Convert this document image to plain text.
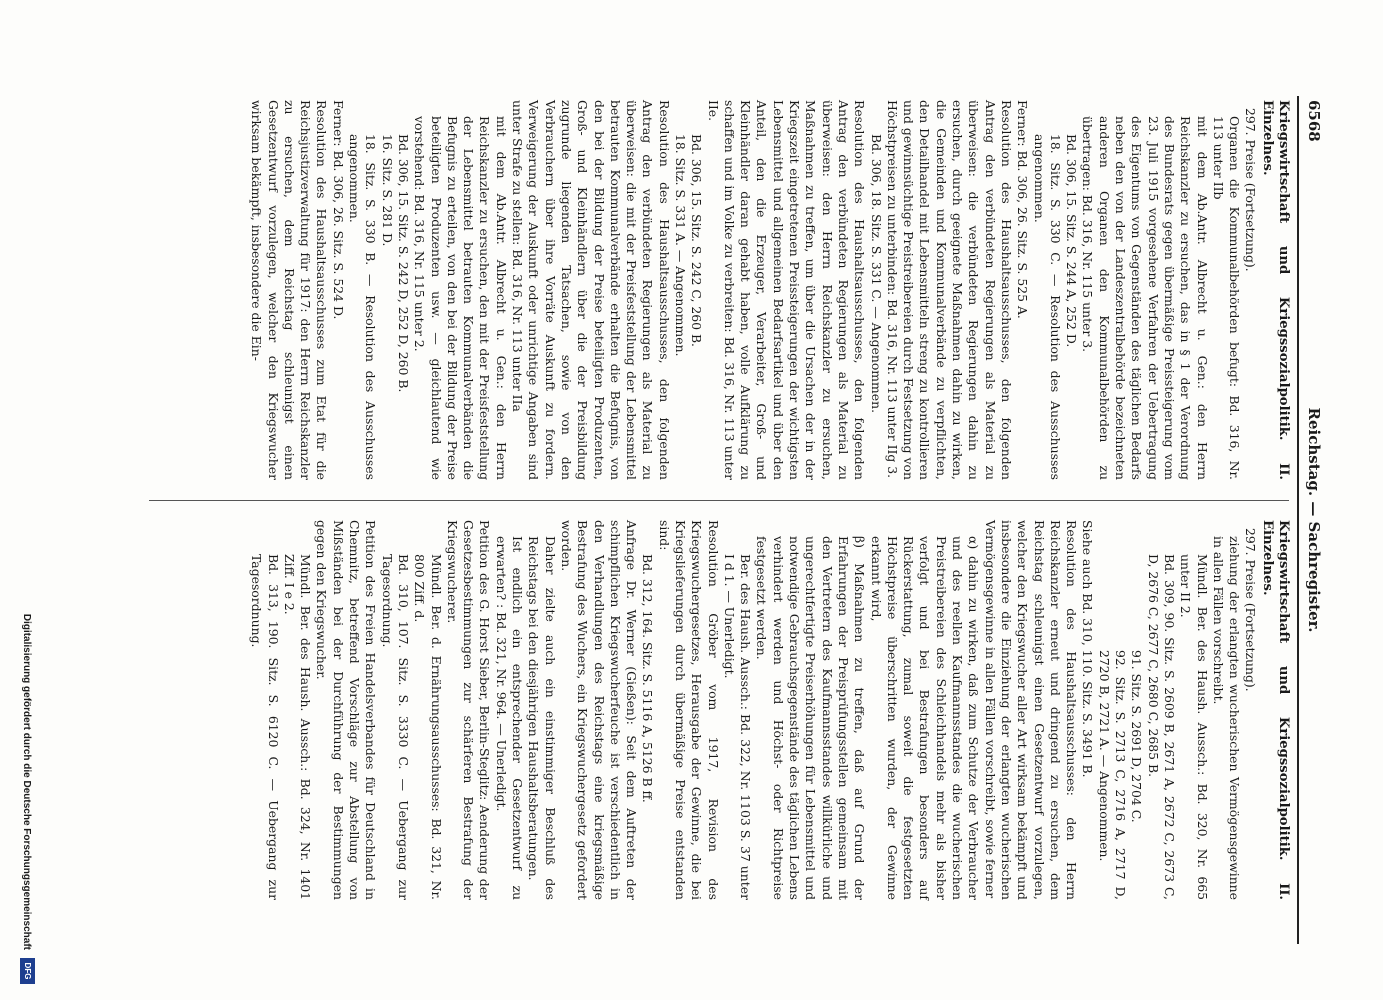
6568
Reichstag. — Sachregister.

Kriegswirtschaft und Kriegssozialpolitik. II. Einzelnes.

297. Preise (Fortsetzung).

Organen die Kommunalbehörden befugt: Bd. 316, Nr. 113 unter IIb

mit dem Ab.Antr. Albrecht u. Gen.: den Herrn Reichskanzler zu ersuchen, das in § 1 der Verordnung des Bundesrats gegen übermäßige Preissteigerung vom 23. Juli 1915 vorgesehene Verfahren der Uebertragung des Eigentums von Gegenständen des täglichen Bedarfs neben den von der Landeszentralbehörde bezeichneten anderen Organen den Kommunalbehörden zu übertragen: Bd. 316, Nr. 115 unter 3.

Bd. 306, 15. Sitz. S. 244 A, 252 D.

18. Sitz. S. 330 C. — Resolution des Ausschusses angenommen.

Ferner: Bd. 306, 26. Sitz. S. 525 A.

Resolution des Haushaltsausschusses, den folgenden Antrag den verbündeten Regierungen als Material zu überweisen: die verbündeten Regierungen dahin zu ersuchen, durch geeignete Maßnahmen dahin zu wirken, die Gemeinden und Kommunalverbände zu verpflichten, den Detailhandel mit Lebensmitteln streng zu kontrollieren und gewinnsüchtige Preistreibereien durch Festsetzung von Höchstpreisen zu unterbinden: Bd. 316, Nr. 113 unter IIg 3.

Bd. 306, 18. Sitz. S. 331 C. — Angenommen.

Resolution des Haushaltsausschusses, den folgenden Antrag den verbündeten Regierungen als Material zu überweisen: den Herrn Reichskanzler zu ersuchen, Maßnahmen zu treffen, um über die Ursachen der in der Kriegszeit eingetretenen Preissteigerungen der wichtigsten Lebensmittel und allgemeinen Bedarfsartikel und über den Anteil, den die Erzeuger, Verarbeiter, Groß- und Kleinhändler daran gehabt haben, volle Aufklärung zu schaffen und im Volke zu verbreiten: Bd. 316, Nr. 113 unter IIe.

Bd. 306, 15. Sitz. S. 242 C, 260 B.

18. Sitz. S. 331 A. — Angenommen.

Resolution des Haushaltsausschusses, den folgenden Antrag den verbündeten Regierungen als Material zu überweisen: die mit der Preisfeststellung der Lebensmittel betrauten Kommunalverbände erhalten die Befugnis, von den bei der Bildung der Preise beteiligten Produzenten, Groß- und Kleinhändlern über die der Preisbildung zugrunde liegenden Tatsachen, sowie von den Verbrauchern über ihre Vorräte Auskunft zu fordern. Verweigerung der Auskunft oder unrichtige Angaben sind unter Strafe zu stellen: Bd. 316, Nr. 113 unter IIa

mit dem Ab.Antr. Albrecht u. Gen.: den Herrn Reichskanzler zu ersuchen, den mit der Preisfeststellung der Lebensmittel betrauten Kommunalverbänden die Befugnis zu erteilen, von den bei der Bildung der Preise beteiligten Produzenten usw. — gleichlautend wie vorstehend: Bd. 316, Nr. 115 unter 2.

Bd. 306, 15. Sitz. S. 242 D, 252 D, 260 B.

16. Sitz. S. 281 D.

18. Sitz. S. 330 B. — Resolution des Ausschusses angenommen.

Ferner: Bd. 306, 26. Sitz. S. 524 D.

Resolution des Haushaltsausschusses zum Etat für die Reichsjustizverwaltung für 1917: den Herrn Reichskanzler zu ersuchen, dem Reichstag schleunigst einen Gesetzentwurf vorzulegen, welcher den Kriegswucher wirksam bekämpft, insbesondere die Ein-

Kriegswirtschaft und Kriegssozialpolitik. II. Einzelnes.

297. Preise (Fortsetzung).

ziehung der erlangten wucherischen Vermögensgewinne in allen Fällen vorschreibt.

Mündl. Ber. des Haush. Aussch.: Bd. 320, Nr. 665 unter II 2.

Bd. 309, 90. Sitz. S. 2609 B, 2671 A, 2672 C, 2673 C, D, 2676 C, 2677 C, 2680 C, 2685 B.

91. Sitz. S. 2691 D, 2704 C.

92. Sitz. S. 2713 C, 2716 A, 2717 D, 2720 B, 2721 A. — Angenommen.

Siehe auch Bd. 310, 110. Sitz. S. 3491 B.

Resolution des Haushaltsausschusses: den Herrn Reichskanzler erneut und dringend zu ersuchen, dem Reichstag schleunigst einen Gesetzentwurf vorzulegen, welcher den Kriegswucher aller Art wirksam bekämpft und insbesondere die Einziehung der erlangten wucherischen Vermögensgewinne in allen Fällen vorschreibt, sowie ferner

α) dahin zu wirken, daß zum Schutze der Verbraucher und des reellen Kaufmannsstandes die wucherischen Preistreibereien des Schleichhandels mehr als bisher verfolgt und bei Bestrafungen besonders auf Rückerstattung, zumal soweit die festgesetzten Höchstpreise überschritten wurden, der Gewinne erkannt wird,

β) Maßnahmen zu treffen, daß auf Grund der Erfahrungen der Preisprüfungsstellen gemeinsam mit den Vertretern des Kaufmannsstandes willkürliche und ungerechtfertigte Preiserhöhungen für Lebensmittel und notwendige Gebrauchsgegenstände des täglichen Lebens verhindert werden und Höchst- oder Richtpreise festgesetzt werden.

Ber. des Haush. Aussch.: Bd. 322, Nr. 1103 S. 37 unter I d 1. — Unerledigt.

Resolution Gröber vom 1917, Revision des Kriegswuchergesetzes, Herausgabe der Gewinne, die bei Kriegslieferungen durch übermäßige Preise entstanden sind:

Bd. 312, 164. Sitz. S. 5116 A, 5126 B ff.

Anfrage Dr. Werner (Gießen): Seit dem Auftreten der schimpflichen Kriegswucherfeuche ist verschiedentlich in den Verhandlungen des Reichstags eine kriegsmäßige Bestrafung des Wuchers, ein Kriegswuchergesetz gefordert worden.

Daher zielte auch ein einstimmiger Beschluß des Reichstags bei den diesjährigen Haushaltsberatungen.

Ist endlich ein entsprechender Gesetzentwurf zu erwarten? : Bd. 321, Nr. 964. — Unerledigt.

Petition des G. Horst Sieber, Berlin-Steglitz: Aenderung der Gesetzesbestimmungen zur schärferen Bestrafung der Kriegswucherer.

Mündl. Ber. d. Ernährungsausschusses: Bd. 321, Nr. 800 Ziff. d.

Bd. 310, 107. Sitz. S. 3330 C. — Uebergang zur Tagesordnung.

Petition des Freien Handelsverbandes für Deutschland in Chemnitz, betreffend Vorschläge zur Abstellung von Mißständen bei der Durchführung der Bestimmungen gegen den Kriegswucher.

Mündl. Ber. des Haush. Aussch.: Bd. 324, Nr. 1401 Ziff. I e 2.

Bd. 313, 190. Sitz. S. 6120 C. — Uebergang zur Tagesordnung.

Digitalisierung gefördert durch die Deutsche Forschungsgemeinschaft
DFG
